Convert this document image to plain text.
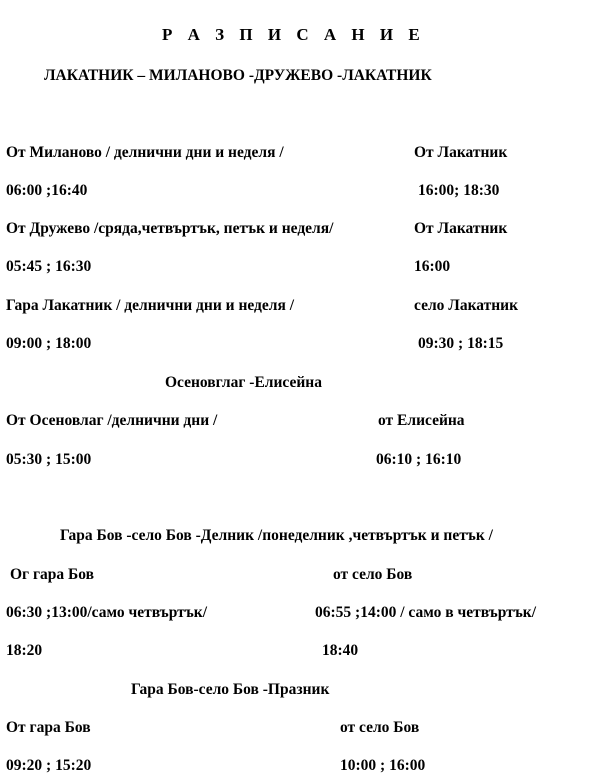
Р А З П И С А Н И Е
ЛАКАТНИК – МИЛАНОВО -ДРУЖЕВО -ЛАКАТНИК
От Миланово / делнични дни и неделя /	От Лакатник
06:00 ;16:40	16:00; 18:30
От Дружево /сряда,четвъртък, петък и неделя/	От Лакатник
05:45 ; 16:30	16:00
Гара Лакатник / делнични дни и неделя /	село Лакатник
09:00 ; 18:00	09:30 ; 18:15
Осеновглаг -Елисейна
От Осеновлаг /делнични дни /	от Елисейна
05:30 ; 15:00	06:10 ; 16:10
Гара Бов -село Бов -Делник /понеделник ,четвъртък и петък /
Ог гара Бов	от село Бов
06:30 ;13:00/само четвъртък/	06:55 ;14:00 / само в четвъртък/
18:20	18:40
Гара Бов-село Бов -Празник
От гара Бов	от село Бов
09:20 ; 15:20	10:00 ; 16:00
